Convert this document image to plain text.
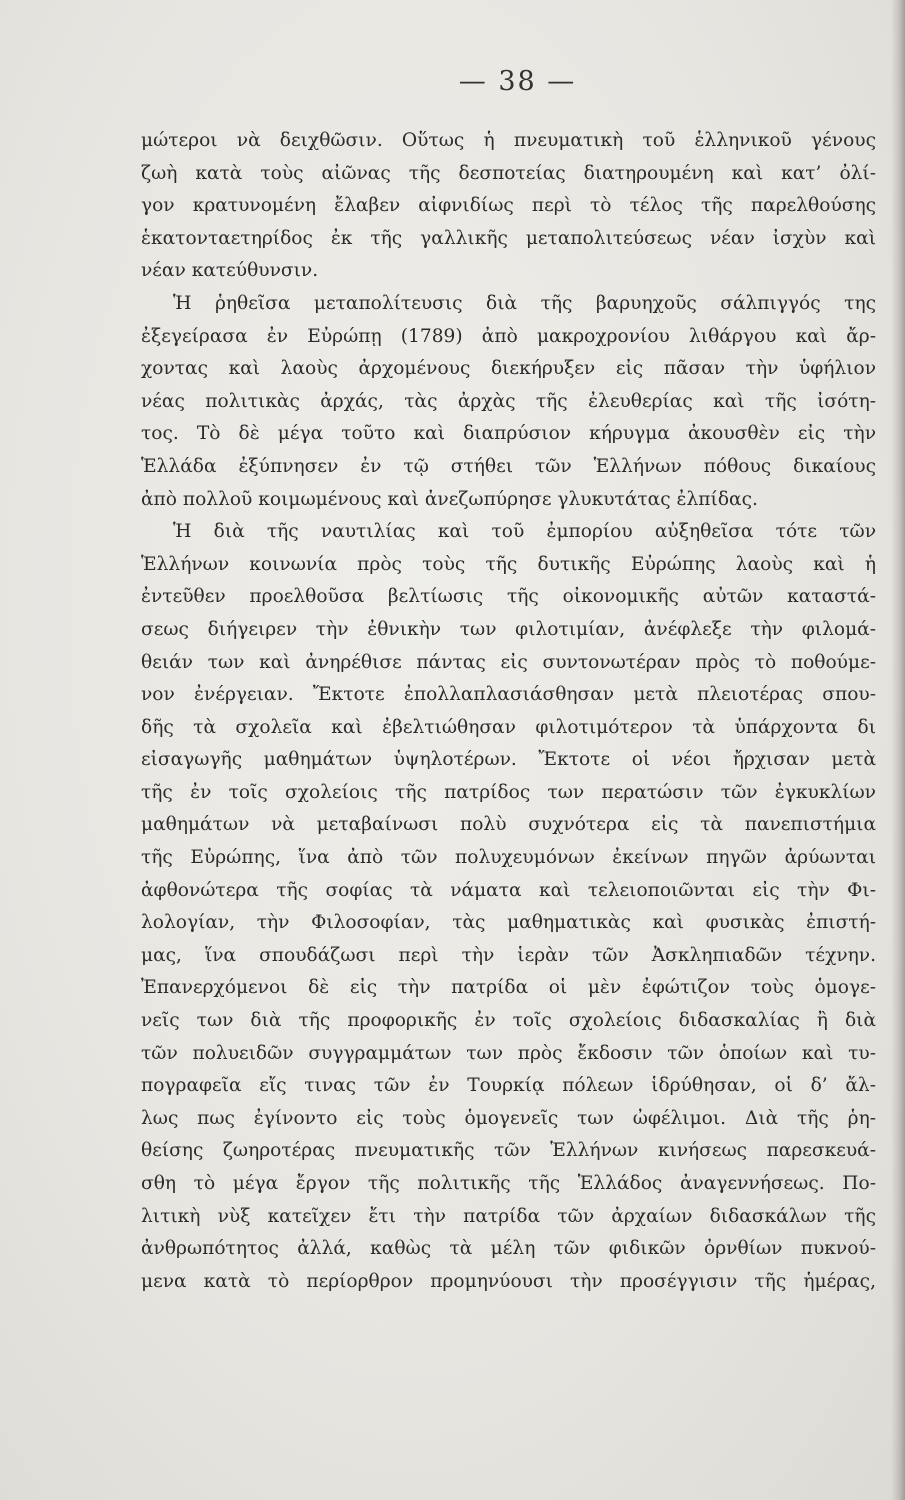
— 38 —
μώτεροι νὰ δειχθῶσιν. Οὕτως ἡ πνευματικὴ τοῦ ἑλληνικοῦ γένους
ζωὴ κατὰ τοὺς αἰῶνας τῆς δεσποτείας διατηρουμένη καὶ κατ’ ὀλί-
γον κρατυνομένη ἔλαβεν αἰφνιδίως περὶ τὸ τέλος τῆς παρελθούσης
ἑκατονταετηρίδος ἐκ τῆς γαλλικῆς μεταπολιτεύσεως νέαν ἰσχὺν καὶ
νέαν κατεύθυνσιν.
Ἡ ῥηθεῖσα μεταπολίτευσις διὰ τῆς βαρυηχοῦς σάλπιγγός της
ἐξεγείρασα ἐν Εὐρώπῃ (1789) ἀπὸ μακροχρονίου λιθάργου καὶ ἄρ-
χοντας καὶ λαοὺς ἀρχομένους διεκήρυξεν εἰς πᾶσαν τὴν ὑφήλιον
νέας πολιτικὰς ἀρχάς, τὰς ἀρχὰς τῆς ἐλευθερίας καὶ τῆς ἰσότη-
τος. Τὸ δὲ μέγα τοῦτο καὶ διαπρύσιον κήρυγμα ἀκουσθὲν εἰς τὴν
Ἑλλάδα ἐξύπνησεν ἐν τῷ στήθει τῶν Ἑλλήνων πόθους δικαίους
ἀπὸ πολλοῦ κοιμωμένους καὶ ἀνεζωπύρησε γλυκυτάτας ἐλπίδας.
Ἡ διὰ τῆς ναυτιλίας καὶ τοῦ ἐμπορίου αὐξηθεῖσα τότε τῶν
Ἑλλήνων κοινωνία πρὸς τοὺς τῆς δυτικῆς Εὐρώπης λαοὺς καὶ ἡ
ἐντεῦθεν προελθοῦσα βελτίωσις τῆς οἰκονομικῆς αὐτῶν καταστά-
σεως διήγειρεν τὴν ἐθνικὴν των φιλοτιμίαν, ἀνέφλεξε τὴν φιλομά-
θειάν των καὶ ἀνηρέθισε πάντας εἰς συντονωτέραν πρὸς τὸ ποθούμε-
νον ἐνέργειαν. Ἔκτοτε ἐπολλαπλασιάσθησαν μετὰ πλειοτέρας σπου-
δῆς τὰ σχολεῖα καὶ ἐβελτιώθησαν φιλοτιμότερον τὰ ὑπάρχοντα δι
εἰσαγωγῆς μαθημάτων ὑψηλοτέρων. Ἔκτοτε οἱ νέοι ἤρχισαν μετὰ
τῆς ἐν τοῖς σχολείοις τῆς πατρίδος των περατώσιν τῶν ἐγκυκλίων
μαθημάτων νὰ μεταβαίνωσι πολὺ συχνότερα εἰς τὰ πανεπιστήμια
τῆς Εὐρώπης, ἵνα ἀπὸ τῶν πολυχευμόνων ἐκείνων πηγῶν ἀρύωνται
ἀφθονώτερα τῆς σοφίας τὰ νάματα καὶ τελειοποιῶνται εἰς τὴν Φι-
λολογίαν, τὴν Φιλοσοφίαν, τὰς μαθηματικὰς καὶ φυσικὰς ἐπιστή-
μας, ἵνα σπουδάζωσι περὶ τὴν ἱερὰν τῶν Ἀσκληπιαδῶν τέχνην.
Ἐπανερχόμενοι δὲ εἰς τὴν πατρίδα οἱ μὲν ἐφώτιζον τοὺς ὁμογε-
νεῖς των διὰ τῆς προφορικῆς ἐν τοῖς σχολείοις διδασκαλίας ἢ διὰ
τῶν πολυειδῶν συγγραμμάτων των πρὸς ἔκδοσιν τῶν ὁποίων καὶ τυ-
πογραφεῖα εἴς τινας τῶν ἐν Τουρκίᾳ πόλεων ἱδρύθησαν, οἱ δ’ ἄλ-
λως πως ἐγίνοντο εἰς τοὺς ὁμογενεῖς των ὠφέλιμοι. Διὰ τῆς ῥη-
θείσης ζωηροτέρας πνευματικῆς τῶν Ἑλλήνων κινήσεως παρεσκευά-
σθη τὸ μέγα ἔργον τῆς πολιτικῆς τῆς Ἑλλάδος ἀναγεννήσεως. Πο-
λιτικὴ νὺξ κατεῖχεν ἔτι τὴν πατρίδα τῶν ἀρχαίων διδασκάλων τῆς
ἀνθρωπότητος ἀλλά, καθὼς τὰ μέλη τῶν φιδικῶν ὀρνθίων πυκνού-
μενα κατὰ τὸ περίορθρον προμηνύουσι τὴν προσέγγισιν τῆς ἡμέρας,
